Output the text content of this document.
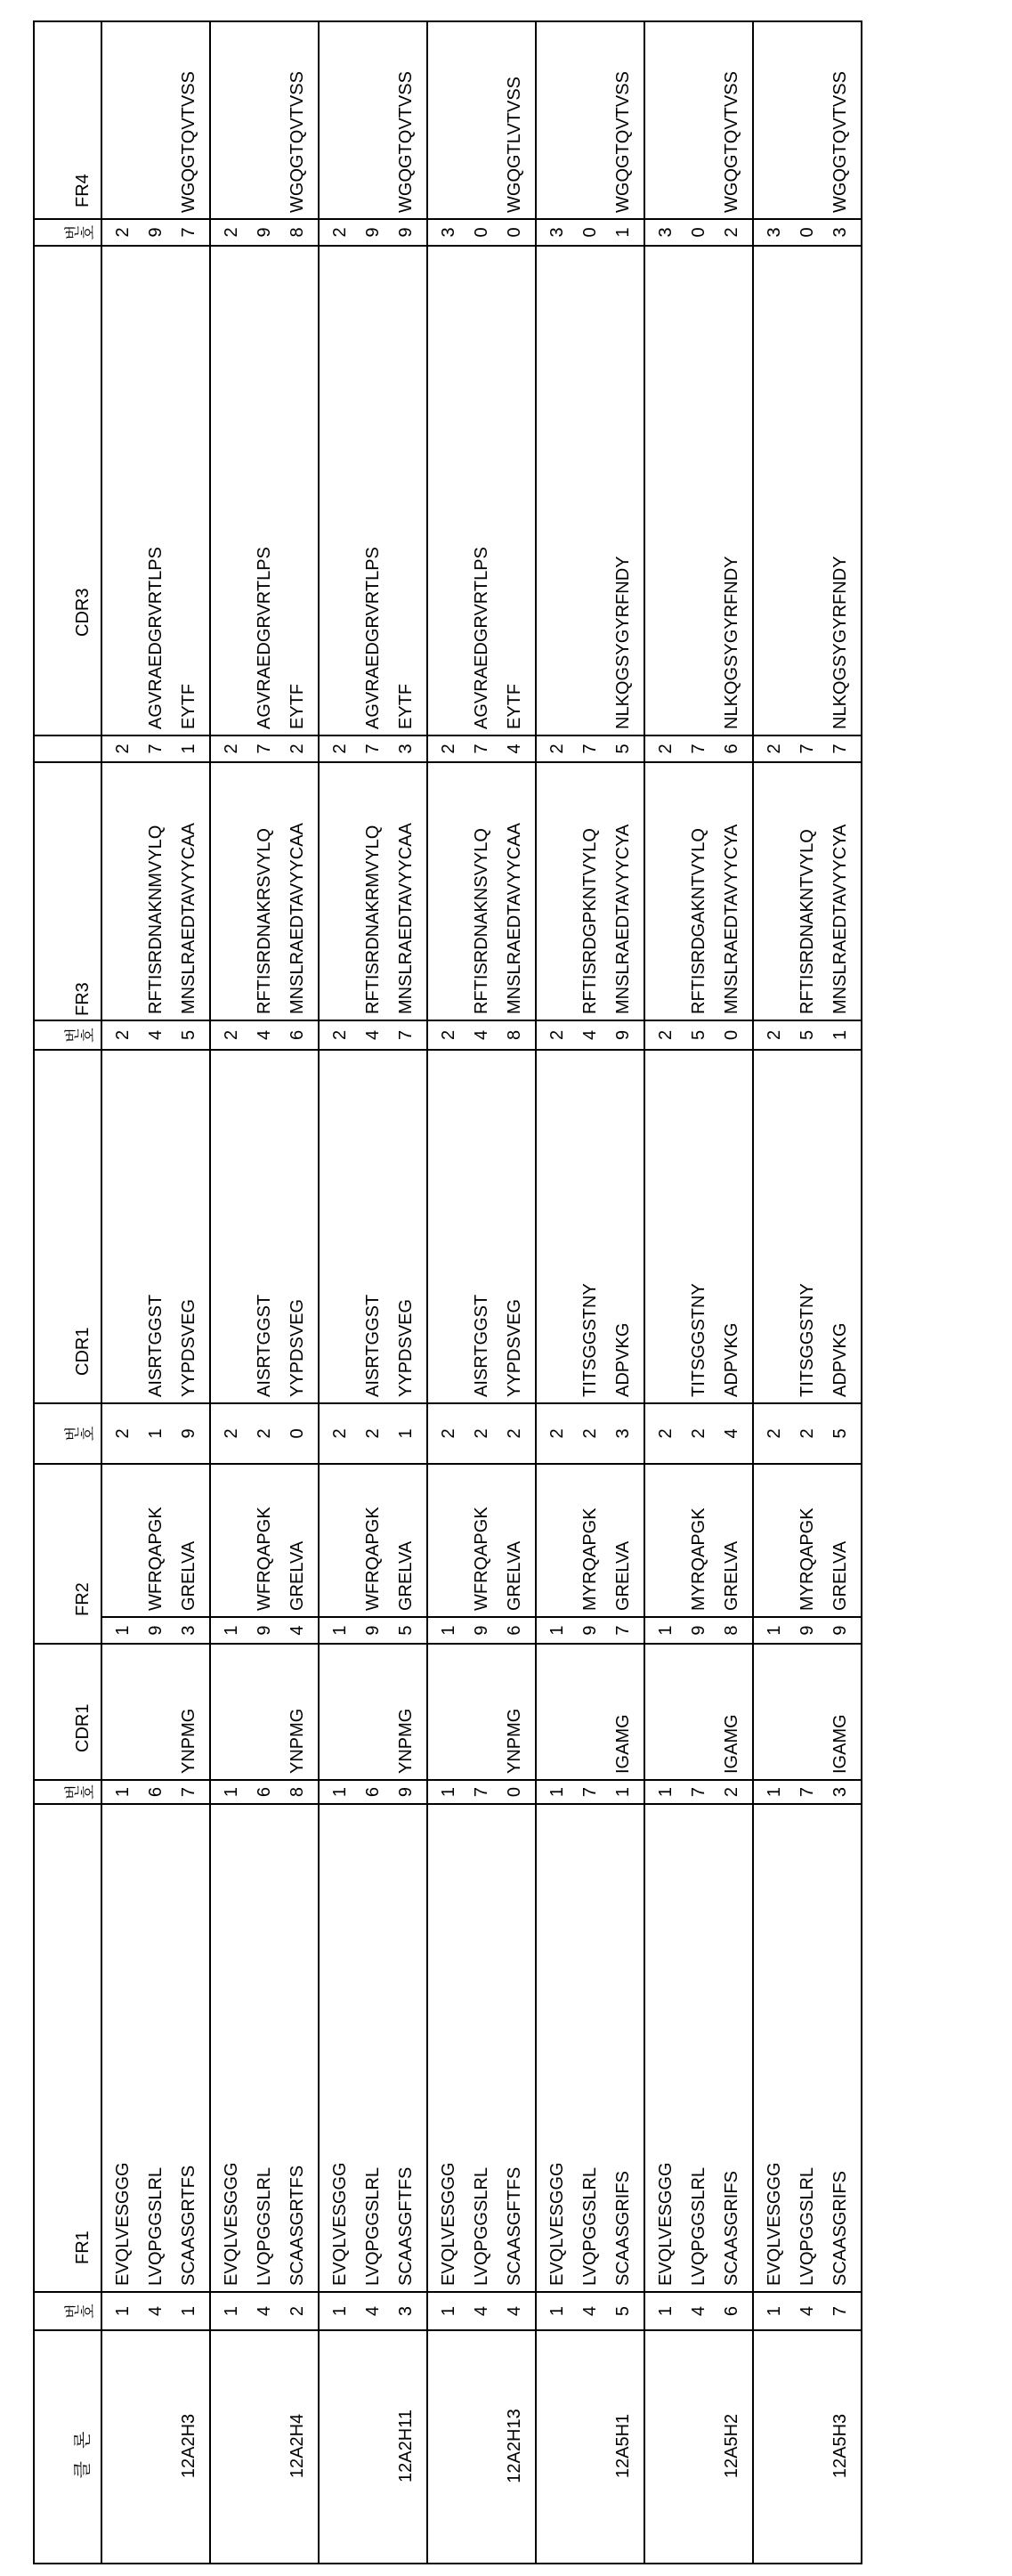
클론	번호	FR1	번호	CDR1	FR2	번호	CDR1	번호	FR3		CDR3	번호	FR4

12A2H3
	141	
EVQLVESGGG LVQPGGSLRL SCAASGRTFS
	167	
YNPMG
	193	
WFRQAPGK GRELVA
	219	
AISRTGGST YYPDSVEG
	245	
RFTISRDNAKNMVYLQ MNSLRAEDTAVYYCAA
	271	
AGVRAEDGRVRTLPS EYTF
	297	
WGQGTQVTVSS

12A2H4
	142	
EVQLVESGGG LVQPGGSLRL SCAASGRTFS
	168	
YNPMG
	194	
WFRQAPGK GRELVA
	220	
AISRTGGST YYPDSVEG
	246	
RFTISRDNAKRSVYLQ MNSLRAEDTAVYYCAA
	272	
AGVRAEDGRVRTLPS EYTF
	298	
WGQGTQVTVSS

12A2H11
	143	
EVQLVESGGG LVQPGGSLRL SCAASGFTFS
	169	
YNPMG
	195	
WFRQAPGK GRELVA
	221	
AISRTGGST YYPDSVEG
	247	
RFTISRDNAKRMVYLQ MNSLRAEDTAVYYCAA
	273	
AGVRAEDGRVRTLPS EYTF
	299	
WGQGTQVTVSS

12A2H13
	144	
EVQLVESGGG LVQPGGSLRL SCAASGFTFS
	170	
YNPMG
	196	
WFRQAPGK GRELVA
	222	
AISRTGGST YYPDSVEG
	248	
RFTISRDNAKNSVYLQ MNSLRAEDTAVYYCAA
	274	
AGVRAEDGRVRTLPS EYTF
	300	
WGQGTLVTVSS

12A5H1
	145	
EVQLVESGGG LVQPGGSLRL SCAASGRIFS
	171	
IGAMG
	197	
MYRQAPGK GRELVA
	223	
TITSGGSTNY ADPVKG
	249	
RFTISRDGPKNTVYLQ MNSLRAEDTAVYYCYA
	275	
NLKQGSYGYRFNDY
	301	
WGQGTQVTVSS

12A5H2
	146	
EVQLVESGGG LVQPGGSLRL SCAASGRIFS
	172	
IGAMG
	198	
MYRQAPGK GRELVA
	224	
TITSGGSTNY ADPVKG
	250	
RFTISRDGAKNTVYLQ MNSLRAEDTAVYYCYA
	276	
NLKQGSYGYRFNDY
	302	
WGQGTQVTVSS

12A5H3
	147	
EVQLVESGGG LVQPGGSLRL SCAASGRIFS
	173	
IGAMG
	199	
MYRQAPGK GRELVA
	225	
TITSGGSTNY ADPVKG
	251	
RFTISRDNAKNTVYLQ MNSLRAEDTAVYYCYA
	277	
NLKQGSYGYRFNDY
	303	
WGQGTQVTVSS
